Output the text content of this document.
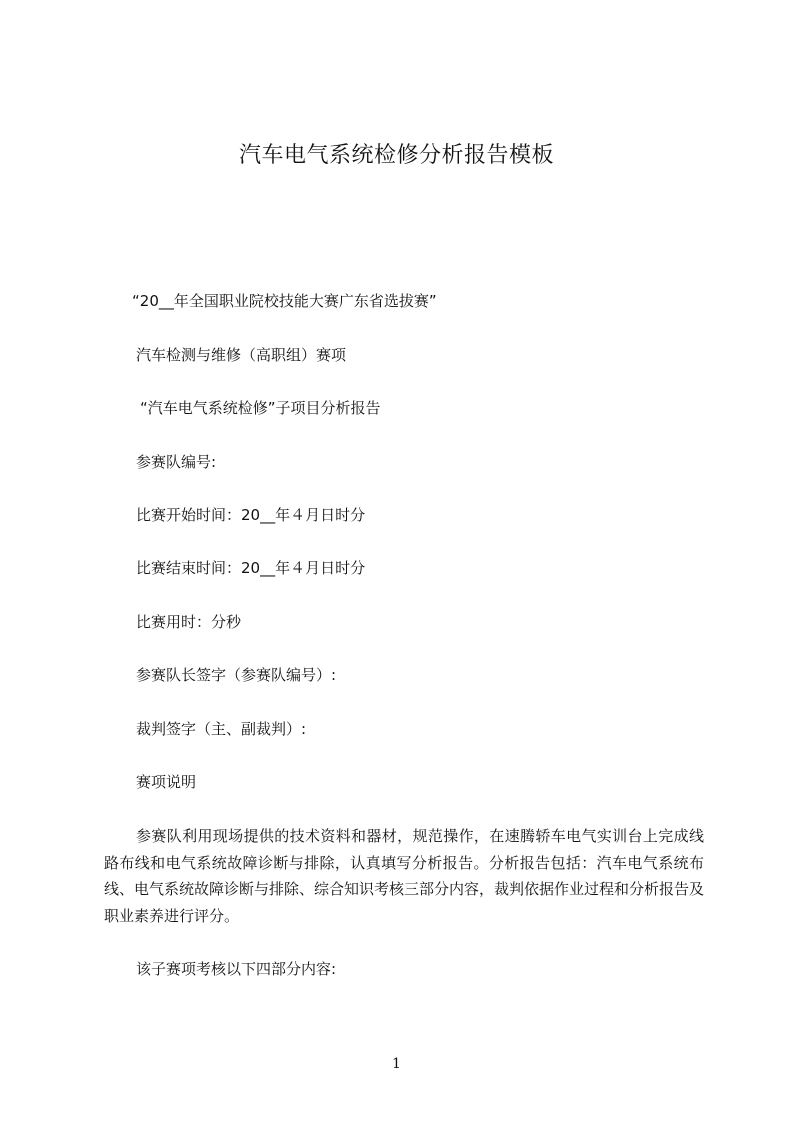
汽车电气系统检修分析报告模板
“20__年全国职业院校技能大赛广东省选拔赛”
汽车检测与维修（高职组）赛项
“汽车电气系统检修”子项目分析报告
参赛队编号:
比赛开始时间：20__年４月日时分
比赛结束时间：20__年４月日时分
比赛用时：分秒
参赛队长签字（参赛队编号）:
裁判签字（主、副裁判）:
赛项说明
参赛队利用现场提供的技术资料和器材，规范操作，在速腾轿车电气实训台上完成线路布线和电气系统故障诊断与排除，认真填写分析报告。分析报告包括：汽车电气系统布线、电气系统故障诊断与排除、综合知识考核三部分内容，裁判依据作业过程和分析报告及职业素养进行评分。
该子赛项考核以下四部分内容:
1
